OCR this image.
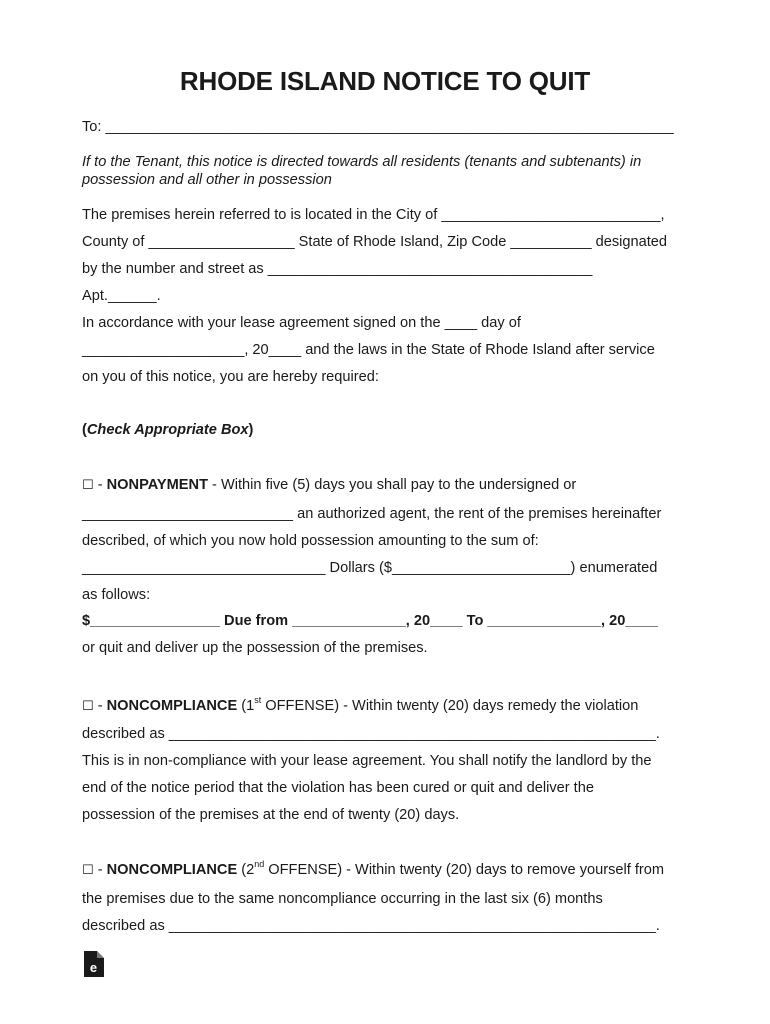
RHODE ISLAND NOTICE TO QUIT
To: ______________________________________________________________________
If to the Tenant, this notice is directed towards all residents (tenants and subtenants) in
possession and all other in possession
The premises herein referred to is located in the City of ___________________________,
County of __________________ State of Rhode Island, Zip Code __________ designated
by the number and street as ________________________________________
Apt.______.
In accordance with your lease agreement signed on the ____ day of
____________________, 20____ and the laws in the State of Rhode Island after service
on you of this notice, you are hereby required:
(Check Appropriate Box)
☐ - NONPAYMENT - Within five (5) days you shall pay to the undersigned or
__________________________ an authorized agent, the rent of the premises hereinafter
described, of which you now hold possession amounting to the sum of:
______________________________ Dollars ($______________________) enumerated
as follows:
$________________ Due from ______________, 20____ To ______________, 20____
or quit and deliver up the possession of the premises.
☐ - NONCOMPLIANCE (1st OFFENSE) - Within twenty (20) days remedy the violation
described as ____________________________________________________________.
This is in non-compliance with your lease agreement. You shall notify the landlord by the
end of the notice period that the violation has been cured or quit and deliver the
possession of the premises at the end of twenty (20) days.
☐ - NONCOMPLIANCE (2nd OFFENSE) - Within twenty (20) days to remove yourself from
the premises due to the same noncompliance occurring in the last six (6) months
described as ____________________________________________________________.
e
